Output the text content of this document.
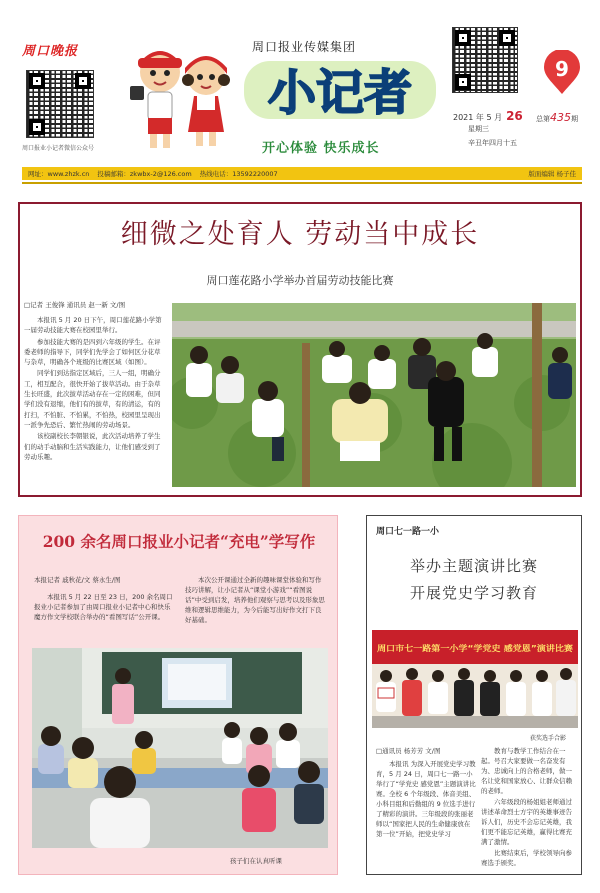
周口晚报
周口报业小记者微信公众号
周口报业传媒集团
小记者
开心体验 快乐成长
9
2021 年 5 月 26	总第435期
星期三
辛丑年四月十五
网址：www.zhzk.cn 投稿邮箱：zkwbx-2@126.com 热线电话：13592220007	版面编辑 杨子佳
细微之处育人 劳动当中成长
周口莲花路小学举办首届劳动技能比赛
□记者 王俊锋 通讯员 赵一新 文/图

本报讯 5 月 20 日下午，周口莲花路小学第一届劳动技能大赛在校园里举行。

参加技能大赛的是四到六年级的学生。在评委老师的指导下，同学们先学会了如何区分花草与杂草，明确各个班级的比赛区域（如图）。

同学们到达指定区域后，三人一组，明确分工，相互配合，很快开始了拔草活动。由于杂草生长旺盛，此次拔草活动存在一定的困难，但同学们没有退缩，他们有的拔草，有的清运，有的打扫，不怕脏、不怕累，不怕热，校园里呈现出一派争先恐后、繁忙热闹的劳动场景。

该校副校长李朝银说，此次活动培养了学生们的动手动脑和生活实践能力，让他们感受到了劳动乐趣。

200 余名周口报业小记者“充电”学写作
本报记者 戚秋花/文 蔡永生/图
本报讯 5 月 22 日至 23 日，200 余名周口报业小记者参加了由周口报业小记者中心和快乐魔方作文学校联合举办的“看图写话”公开课。
本次公开课通过全新的趣味课堂体验和写作技巧讲解，让小记者从“课堂小游戏”“看图说话”中受到启发，培养他们观察与思考以及形象思维和逻辑思维能力，为今后能写出好作文打下良好基础。
孩子们在认真听课
周口七一路一小
举办主题演讲比赛
开展党史学习教育
周口市七一路第一小学“学党史 感党恩”演讲比赛
获奖选手合影
□通讯员 杨芳芳 文/图
本报讯 为深入开展党史学习教育，5 月 24 日，周口七一路一小举行了“学党史 感党恩”主题演讲比赛。全校 6 个年级段、体音美组、小科目组和后勤组的 9 位选手进行了精彩的演讲。三年级段的张丽老师以“国家把人民的生命健康放在第一位”开始，把党史学习

教育与教学工作结合在一起。号召大家要做一名奋发有为、忠诚向上的合格老师，做一名让党和国家放心、让群众信赖的老师。

六年级段的杨姐姐老师通过讲述革命烈士方宇的英雄事迹告诉人们，历史不会忘记英雄，我们更不能忘记英雄，赢得比赛充满了激情。

比赛结束后，学校领导向参赛选手颁奖。
